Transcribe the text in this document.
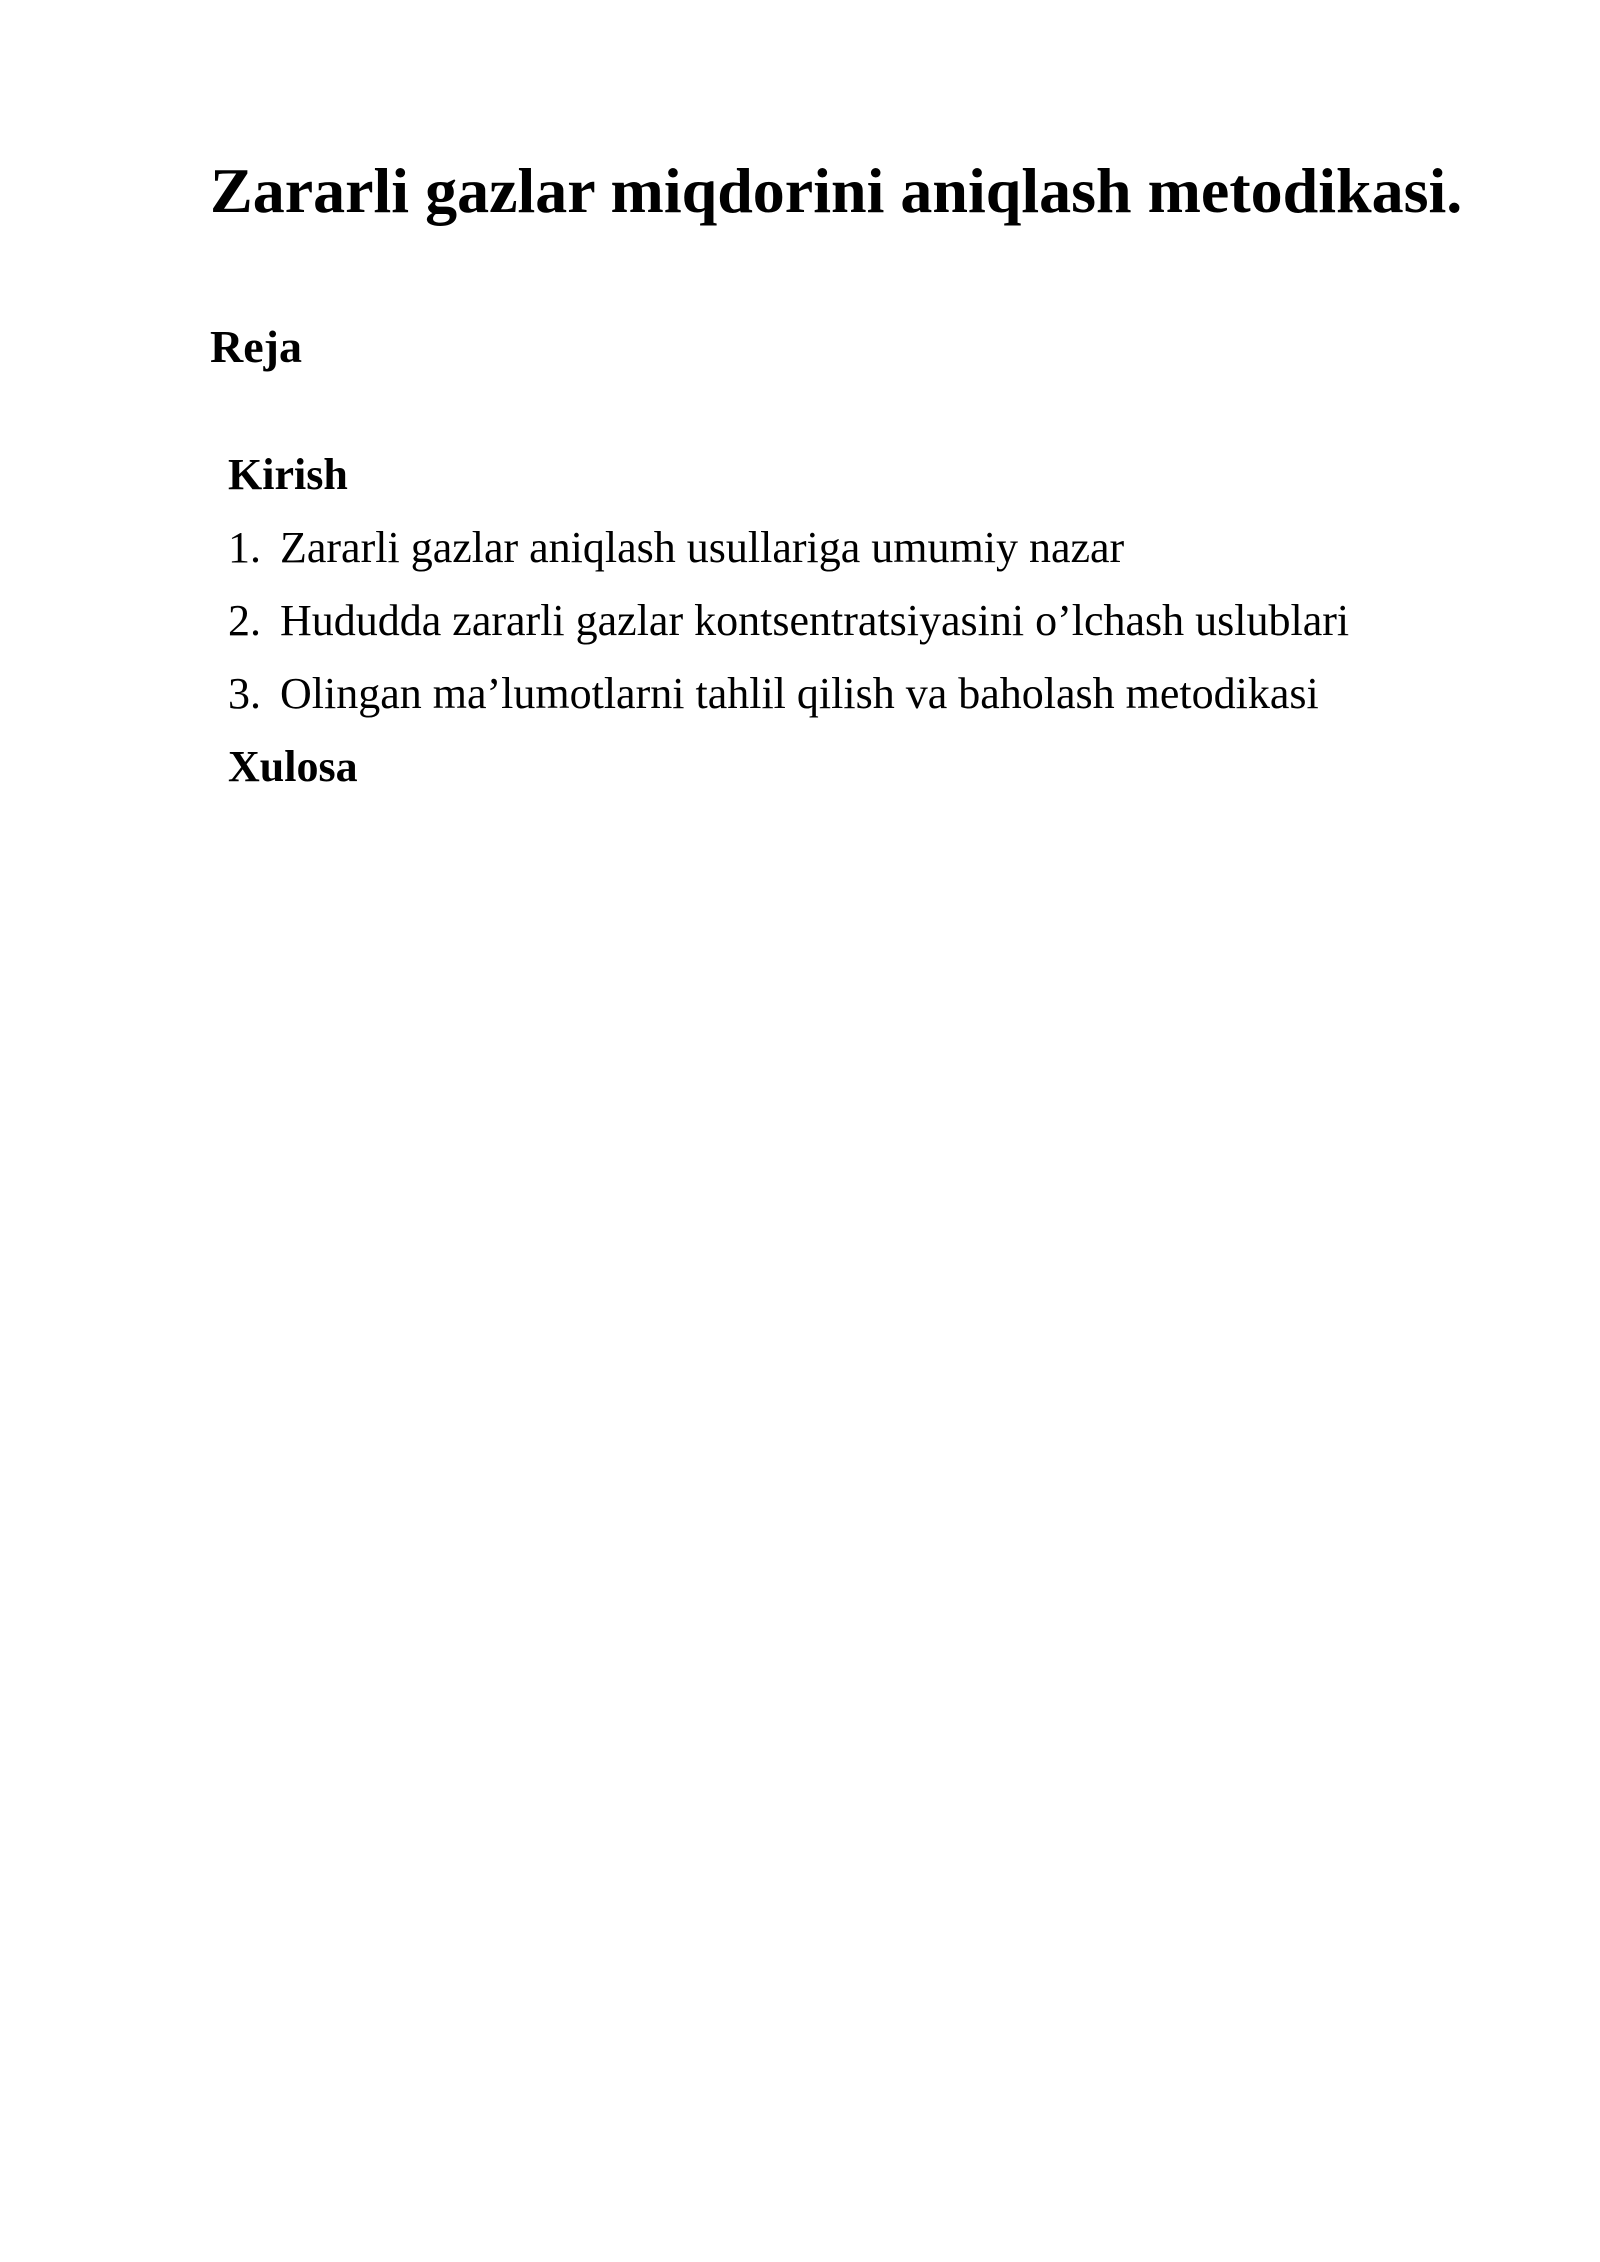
Zararli gazlar miqdorini aniqlash metodikasi.
Reja
Kirish
1. Zararli gazlar aniqlash usullariga umumiy nazar
2. Hududda zararli gazlar kontsentratsiyasini o’lchash uslublari
3. Olingan ma’lumotlarni tahlil qilish va baholash metodikasi
Xulosa
